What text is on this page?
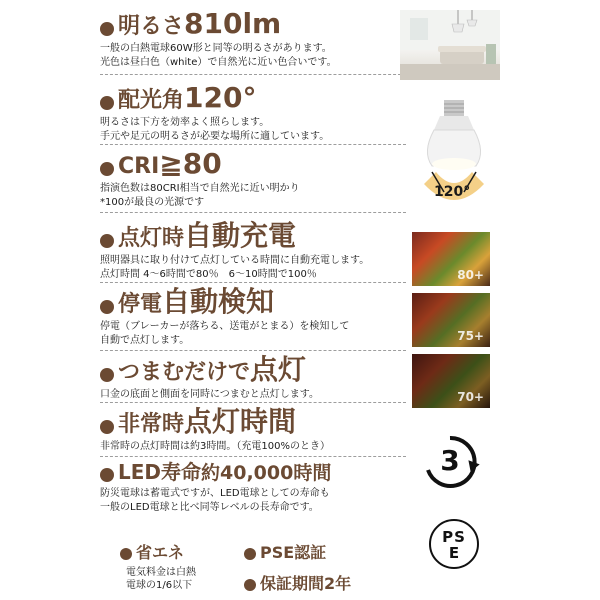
明るさ810lm
一般の白熱電球60W形と同等の明るさがあります。
光色は昼白色（white）で自然光に近い色合いです。
配光角120°
明るさは下方を効率よく照らします。
手元や足元の明るさが必要な場所に適しています。
CRI≧80
指演色数は80CRI相当で自然光に近い明かり
*100が最良の光源です
点灯時自動充電
照明器具に取り付けて点灯している時間に自動充電します。
点灯時間 4〜6時間で80％　6〜10時間で100％
停電自動検知
停電（ブレーカーが落ちる、送電がとまる）を検知して
自動で点灯します。
つまむだけで点灯
口金の底面と側面を同時につまむと点灯します。
非常時点灯時間
非常時の点灯時間は約3時間。（充電100%のとき）
LED寿命約40,000時間
防災電球は蓄電式ですが、LED電球としての寿命も
一般のLED電球と比べ同等レベルの長寿命です。
省エネ
電気料金は白熱
電球の1/6以下
PSE認証
保証期間2年
120°
80+
75+
70+
3
PS
E
